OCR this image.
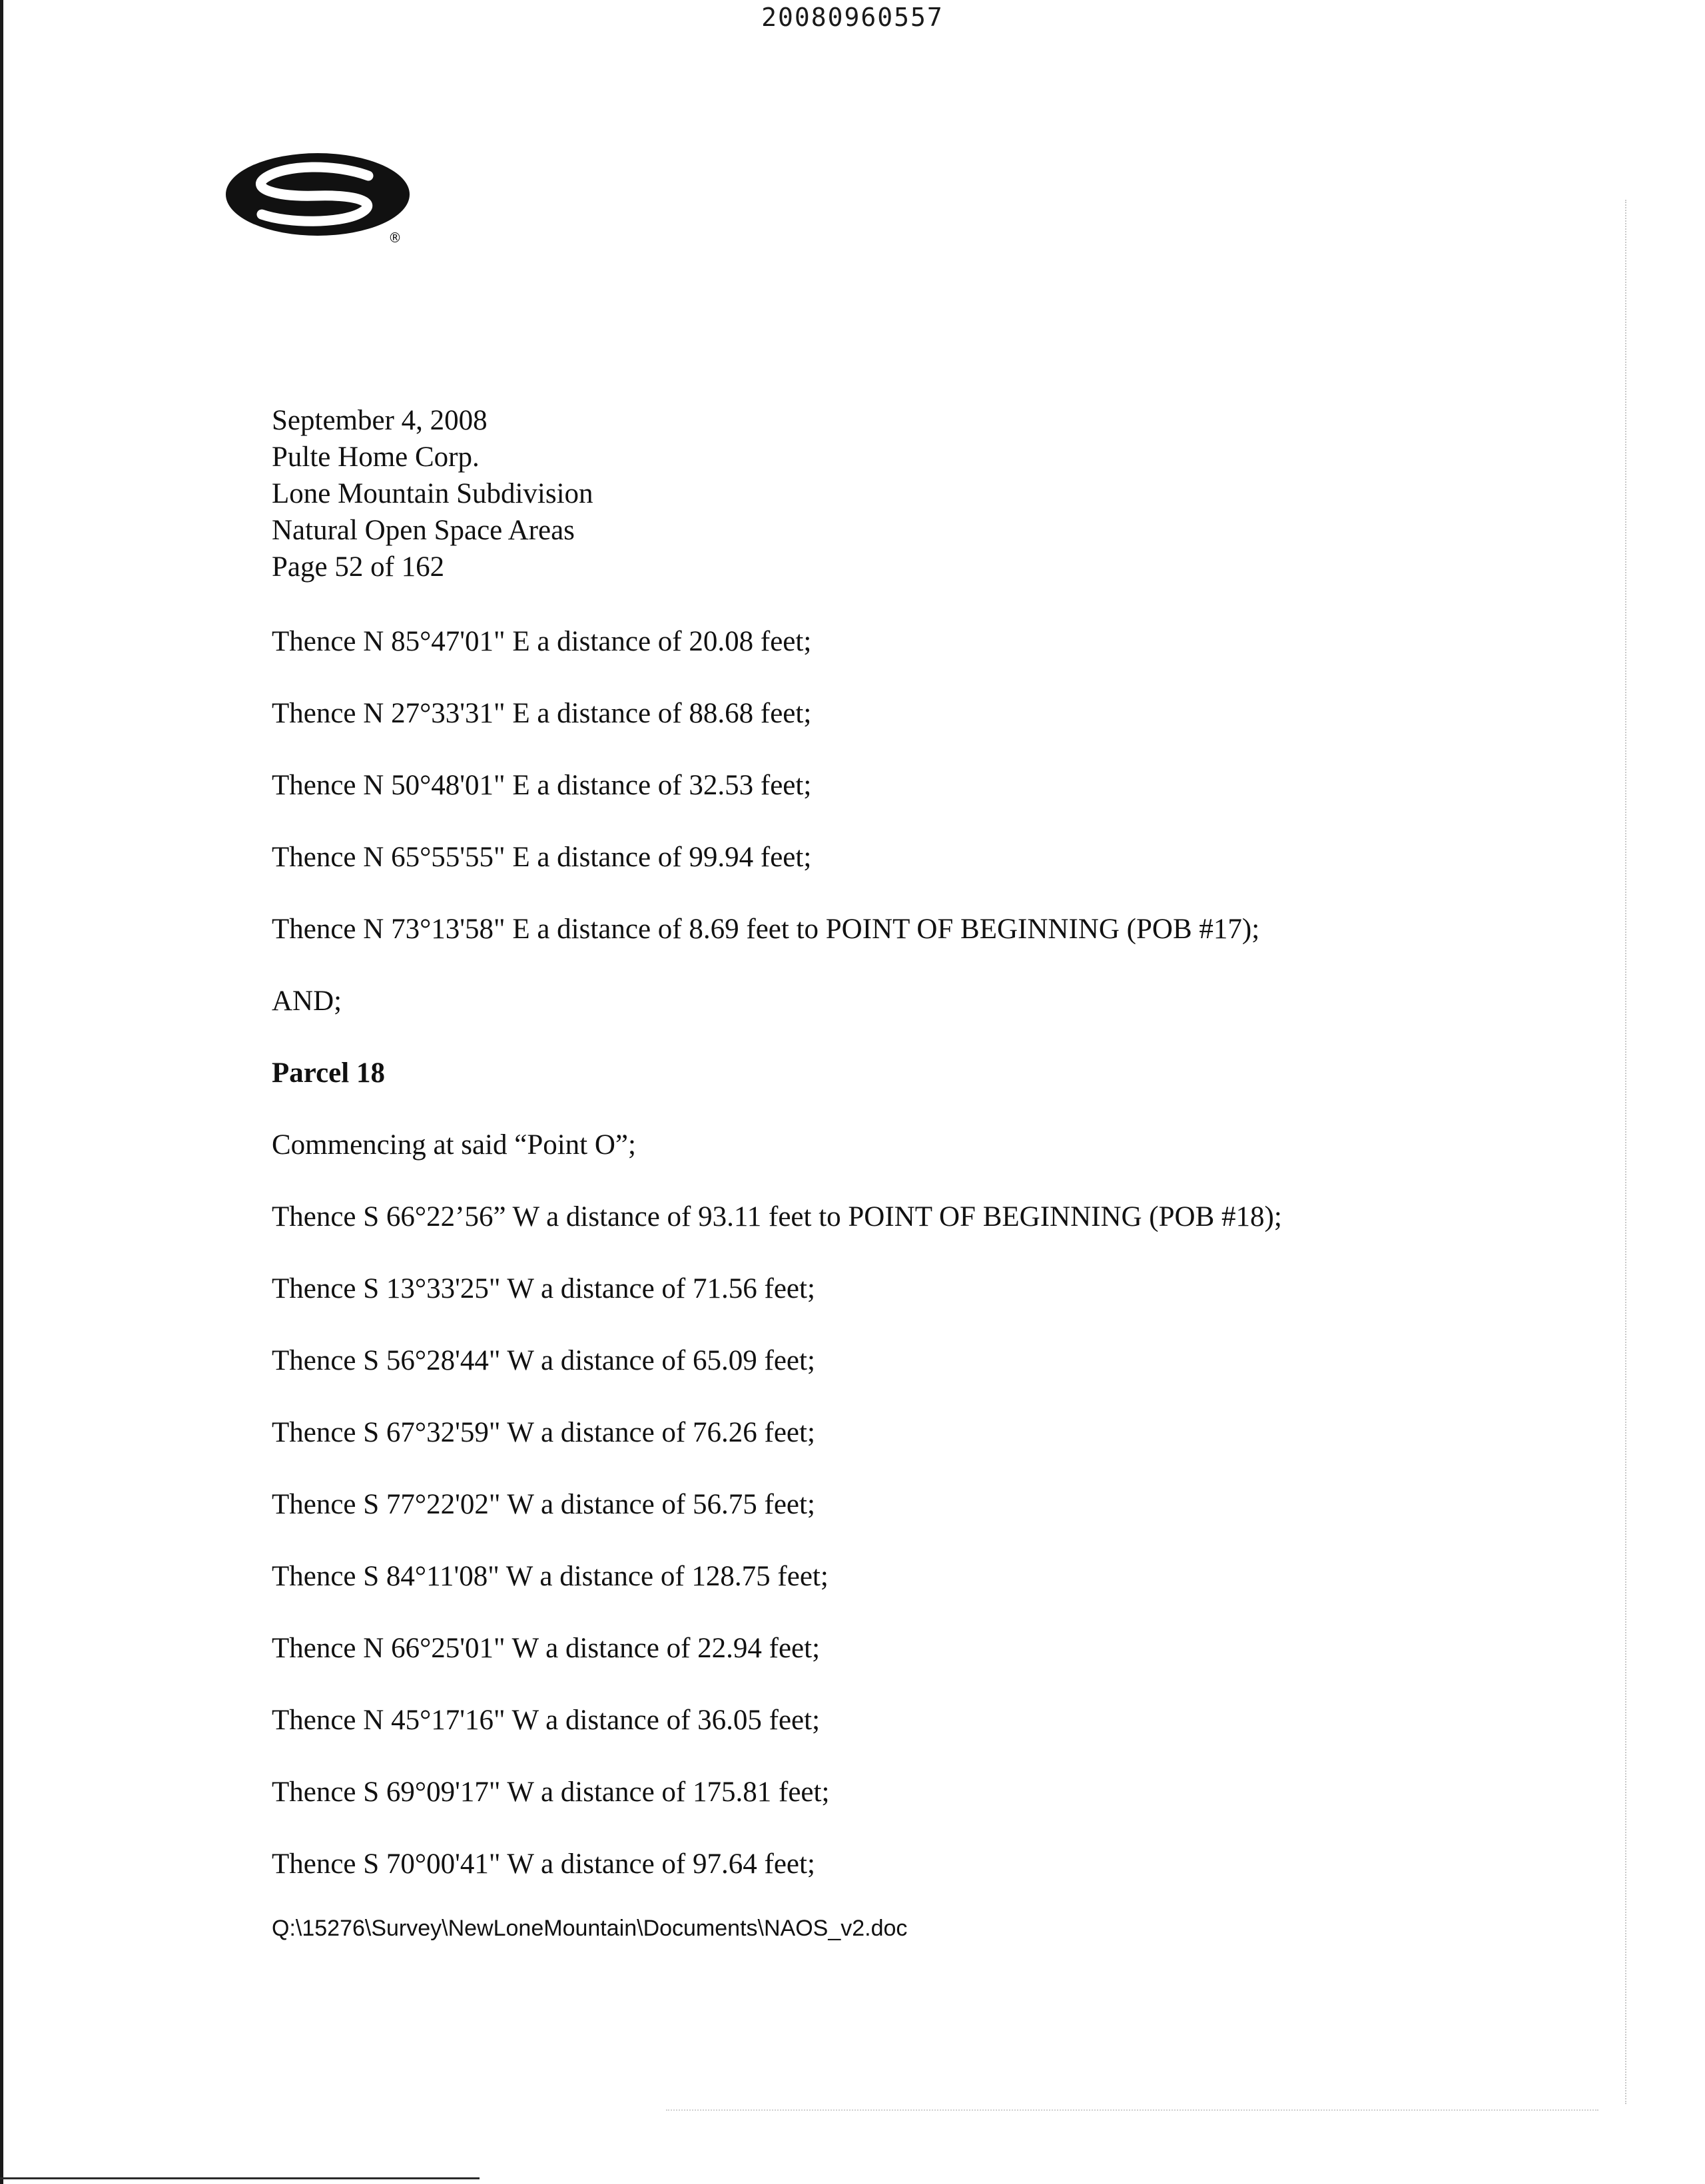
20080960557
®
September 4, 2008
Pulte Home Corp.
Lone Mountain Subdivision
Natural Open Space Areas
Page 52 of 162
Thence N 85°47'01" E a distance of 20.08 feet;
Thence N 27°33'31" E a distance of 88.68 feet;
Thence N 50°48'01" E a distance of 32.53 feet;
Thence N 65°55'55" E a distance of 99.94 feet;
Thence N 73°13'58" E a distance of 8.69 feet to POINT OF BEGINNING (POB #17);
AND;
Parcel 18
Commencing at said “Point O”;
Thence S 66°22’56” W a distance of 93.11 feet to POINT OF BEGINNING (POB #18);
Thence S 13°33'25" W a distance of 71.56 feet;
Thence S 56°28'44" W a distance of 65.09 feet;
Thence S 67°32'59" W a distance of 76.26 feet;
Thence S 77°22'02" W a distance of 56.75 feet;
Thence S 84°11'08" W a distance of 128.75 feet;
Thence N 66°25'01" W a distance of 22.94 feet;
Thence N 45°17'16" W a distance of 36.05 feet;
Thence S 69°09'17" W a distance of 175.81 feet;
Thence S 70°00'41" W a distance of 97.64 feet;
Q:\15276\Survey\NewLoneMountain\Documents\NAOS_v2.doc
